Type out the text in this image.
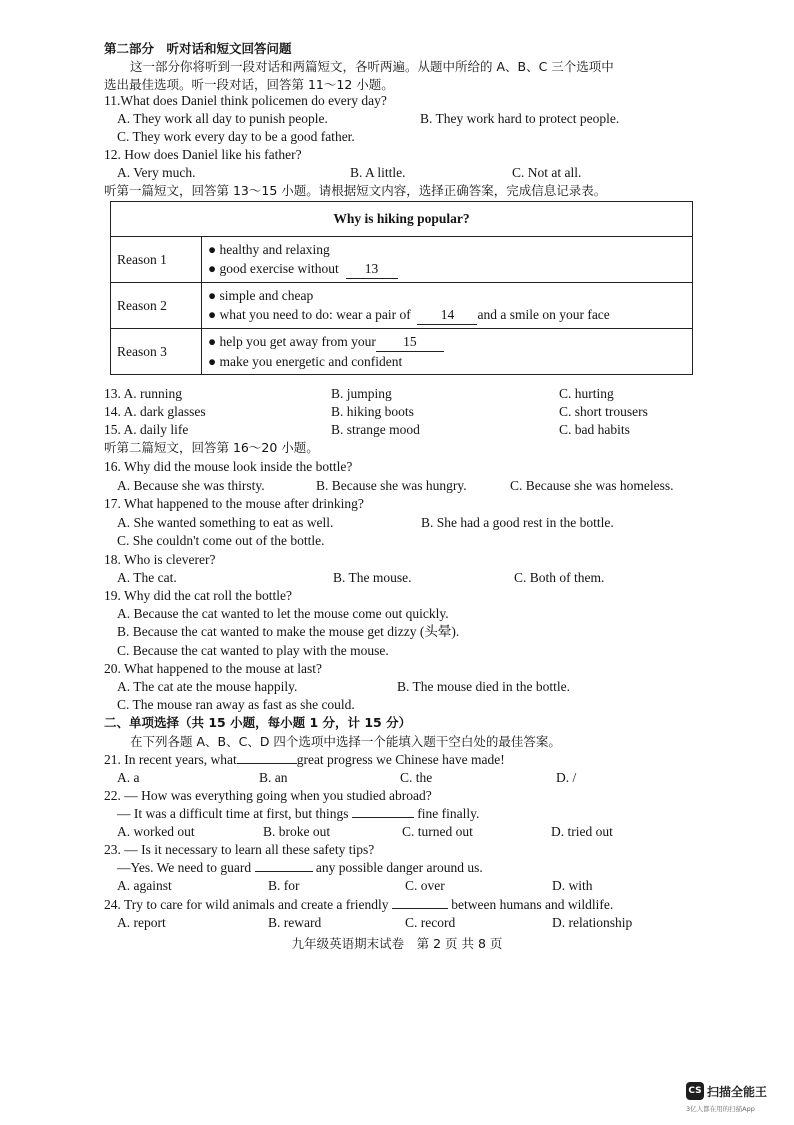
第二部分　听对话和短文回答问题
这一部分你将听到一段对话和两篇短文，各听两遍。从题中所给的 A、B、C 三个选项中
选出最佳选项。听一段对话，回答第 11～12 小题。
11.What does Daniel think policemen do every day?
A. They work all day to punish people.	B. They work hard to protect people.
C. They work every day to be a good father.
12. How does Daniel like his father?
A. Very much.	B. A little.	C. Not at all.
听第一篇短文，回答第 13～15 小题。请根据短文内容，选择正确答案，完成信息记录表。
Why is hiking popular?	
Reason 1	● healthy and relaxing
● good exercise without 13

Reason 2	● simple and cheap
● what you need to do: wear a pair of 14 and a smile on your face

Reason 3	● help you get away from your 15
● make you energetic and confident
13. A. running	B. jumping	C. hurting
14. A. dark glasses	B. hiking boots	C. short trousers
15. A. daily life	B. strange mood	C. bad habits
听第二篇短文，回答第 16～20 小题。
16. Why did the mouse look inside the bottle?
A. Because she was thirsty.	B. Because she was hungry.	C. Because she was homeless.
17. What happened to the mouse after drinking?
A. She wanted something to eat as well.	B. She had a good rest in the bottle.
C. She couldn't come out of the bottle.
18. Who is cleverer?
A. The cat.	B. The mouse.	C. Both of them.
19. Why did the cat roll the bottle?
A. Because the cat wanted to let the mouse come out quickly.
B. Because the cat wanted to make the mouse get dizzy (头晕).
C. Because the cat wanted to play with the mouse.
20. What happened to the mouse at last?
A. The cat ate the mouse happily.	B. The mouse died in the bottle.
C. The mouse ran away as fast as she could.
二、单项选择（共 15 小题，每小题 1 分，计 15 分）
在下列各题 A、B、C、D 四个选项中选择一个能填入题干空白处的最佳答案。
21. In recent years, what	great progress we Chinese have made!
A. a	B. an	C. the	D. /
22. — How was everything going when you studied abroad?
— It was a difficult time at first, but things	fine finally.
A. worked out	B. broke out	C. turned out	D. tried out
23. — Is it necessary to learn all these safety tips?
—Yes. We need to guard	any possible danger around us.
A. against	B. for	C. over	D. with
24. Try to care for wild animals and create a friendly	between humans and wildlife.
A. report	B. reward	C. record	D. relationship
九年级英语期末试卷　第 2 页 共 8 页
CS 扫描全能王
3亿人都在用的扫描App
